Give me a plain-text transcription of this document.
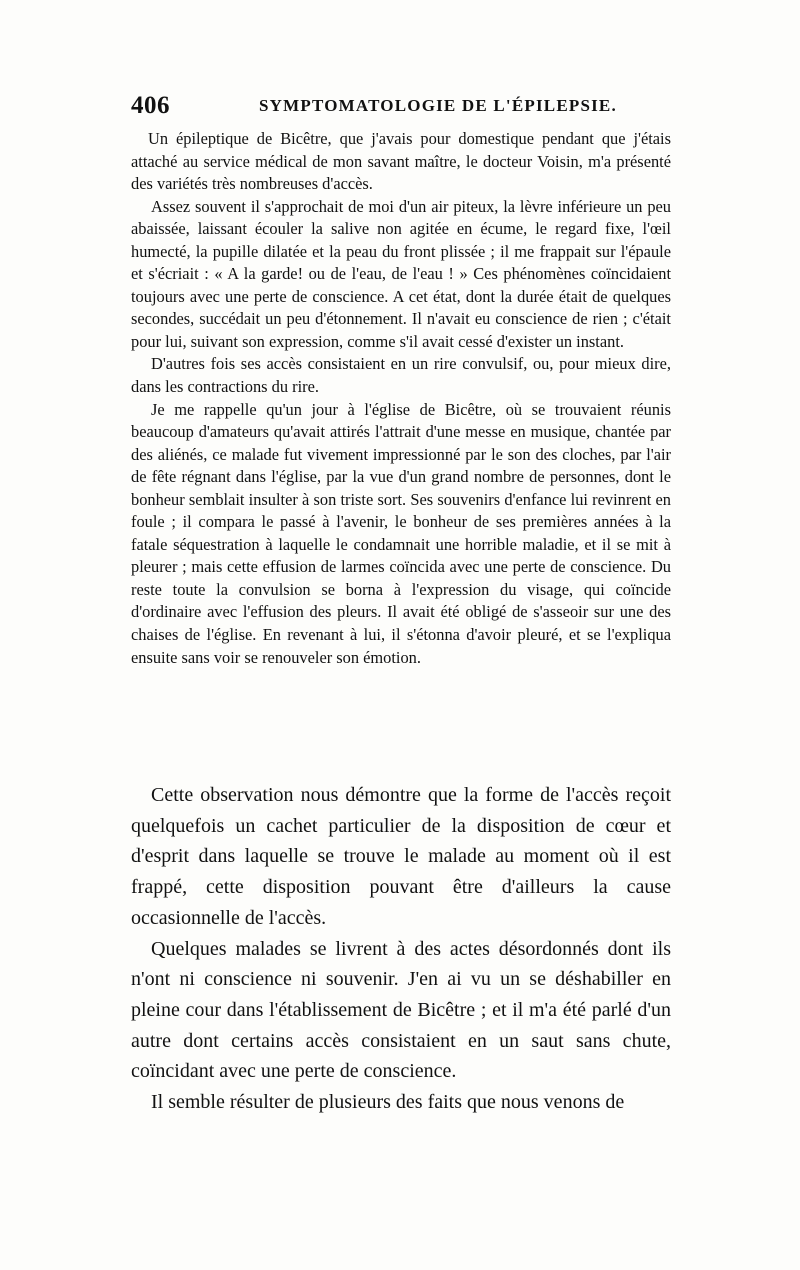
406	SYMPTOMATOLOGIE DE L'ÉPILEPSIE.

Un épileptique de Bicêtre, que j'avais pour domestique pendant que j'étais attaché au service médical de mon savant maître, le docteur Voisin, m'a présenté des variétés très nombreuses d'accès.

Assez souvent il s'approchait de moi d'un air piteux, la lèvre inférieure un peu abaissée, laissant écouler la salive non agitée en écume, le regard fixe, l'œil humecté, la pupille dilatée et la peau du front plissée ; il me frappait sur l'épaule et s'écriait : « A la garde! ou de l'eau, de l'eau ! » Ces phénomènes coïncidaient toujours avec une perte de conscience. A cet état, dont la durée était de quelques secondes, succédait un peu d'étonnement. Il n'avait eu conscience de rien ; c'était pour lui, suivant son expression, comme s'il avait cessé d'exister un instant.

D'autres fois ses accès consistaient en un rire convulsif, ou, pour mieux dire, dans les contractions du rire.

Je me rappelle qu'un jour à l'église de Bicêtre, où se trouvaient réunis beaucoup d'amateurs qu'avait attirés l'attrait d'une messe en musique, chantée par des aliénés, ce malade fut vivement impressionné par le son des cloches, par l'air de fête régnant dans l'église, par la vue d'un grand nombre de personnes, dont le bonheur semblait insulter à son triste sort. Ses souvenirs d'enfance lui revinrent en foule ; il compara le passé à l'avenir, le bonheur de ses premières années à la fatale séquestration à laquelle le condamnait une horrible maladie, et il se mit à pleurer ; mais cette effusion de larmes coïncida avec une perte de conscience. Du reste toute la convulsion se borna à l'expression du visage, qui coïncide d'ordinaire avec l'effusion des pleurs. Il avait été obligé de s'asseoir sur une des chaises de l'église. En revenant à lui, il s'étonna d'avoir pleuré, et se l'expliqua ensuite sans voir se renouveler son émotion.

Cette observation nous démontre que la forme de l'accès reçoit quelquefois un cachet particulier de la disposition de cœur et d'esprit dans laquelle se trouve le malade au moment où il est frappé, cette disposition pouvant être d'ailleurs la cause occasionnelle de l'accès.

Quelques malades se livrent à des actes désordonnés dont ils n'ont ni conscience ni souvenir. J'en ai vu un se déshabiller en pleine cour dans l'établissement de Bicêtre ; et il m'a été parlé d'un autre dont certains accès consistaient en un saut sans chute, coïncidant avec une perte de conscience.

Il semble résulter de plusieurs des faits que nous venons de
